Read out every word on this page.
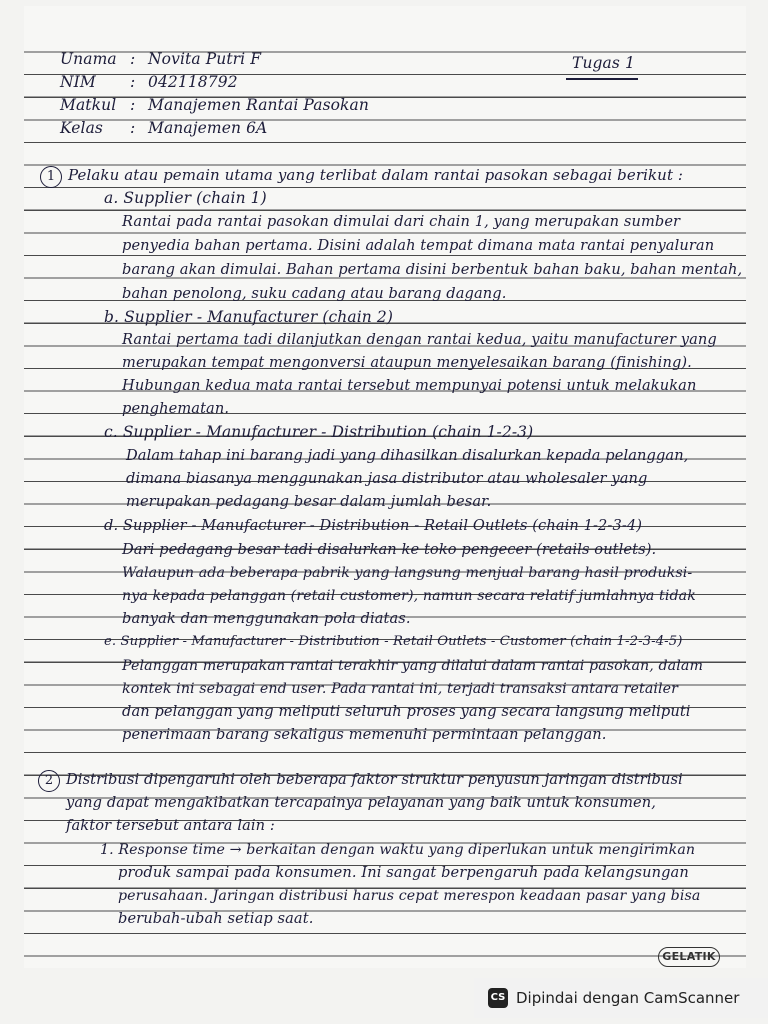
Unama : Novita Putri F	Tugas 1
NIM : 042118792
Matkul : Manajemen Rantai Pasokan
Kelas : Manajemen 6A
1 Pelaku atau pemain utama yang terlibat dalam rantai pasokan sebagai berikut :
a. Supplier (chain 1)
Rantai pada rantai pasokan dimulai dari chain 1, yang merupakan sumber
penyedia bahan pertama. Disini adalah tempat dimana mata rantai penyaluran
barang akan dimulai. Bahan pertama disini berbentuk bahan baku, bahan mentah,
bahan penolong, suku cadang atau barang dagang.
b. Supplier - Manufacturer (chain 2)
Rantai pertama tadi dilanjutkan dengan rantai kedua, yaitu manufacturer yang
merupakan tempat mengonversi ataupun menyelesaikan barang (finishing).
Hubungan kedua mata rantai tersebut mempunyai potensi untuk melakukan
penghematan.
c. Supplier - Manufacturer - Distribution (chain 1-2-3)
Dalam tahap ini barang jadi yang dihasilkan disalurkan kepada pelanggan,
dimana biasanya menggunakan jasa distributor atau wholesaler yang
merupakan pedagang besar dalam jumlah besar.
d. Supplier - Manufacturer - Distribution - Retail Outlets (chain 1-2-3-4)
Dari pedagang besar tadi disalurkan ke toko pengecer (retails outlets).
Walaupun ada beberapa pabrik yang langsung menjual barang hasil produksi-
nya kepada pelanggan (retail customer), namun secara relatif jumlahnya tidak
banyak dan menggunakan pola diatas.
e. Supplier - Manufacturer - Distribution - Retail Outlets - Customer (chain 1-2-3-4-5)
Pelanggan merupakan rantai terakhir yang dilalui dalam rantai pasokan, dalam
kontek ini sebagai end user. Pada rantai ini, terjadi transaksi antara retailer
dan pelanggan yang meliputi seluruh proses yang secara langsung meliputi
penerimaan barang sekaligus memenuhi permintaan pelanggan.
2 Distribusi dipengaruhi oleh beberapa faktor struktur penyusun jaringan distribusi
yang dapat mengakibatkan tercapainya pelayanan yang baik untuk konsumen,
faktor tersebut antara lain :
1. Response time → berkaitan dengan waktu yang diperlukan untuk mengirimkan
produk sampai pada konsumen. Ini sangat berpengaruh pada kelangsungan
perusahaan. Jaringan distribusi harus cepat merespon keadaan pasar yang bisa
berubah-ubah setiap saat.
GELATIK
CS Dipindai dengan CamScanner
